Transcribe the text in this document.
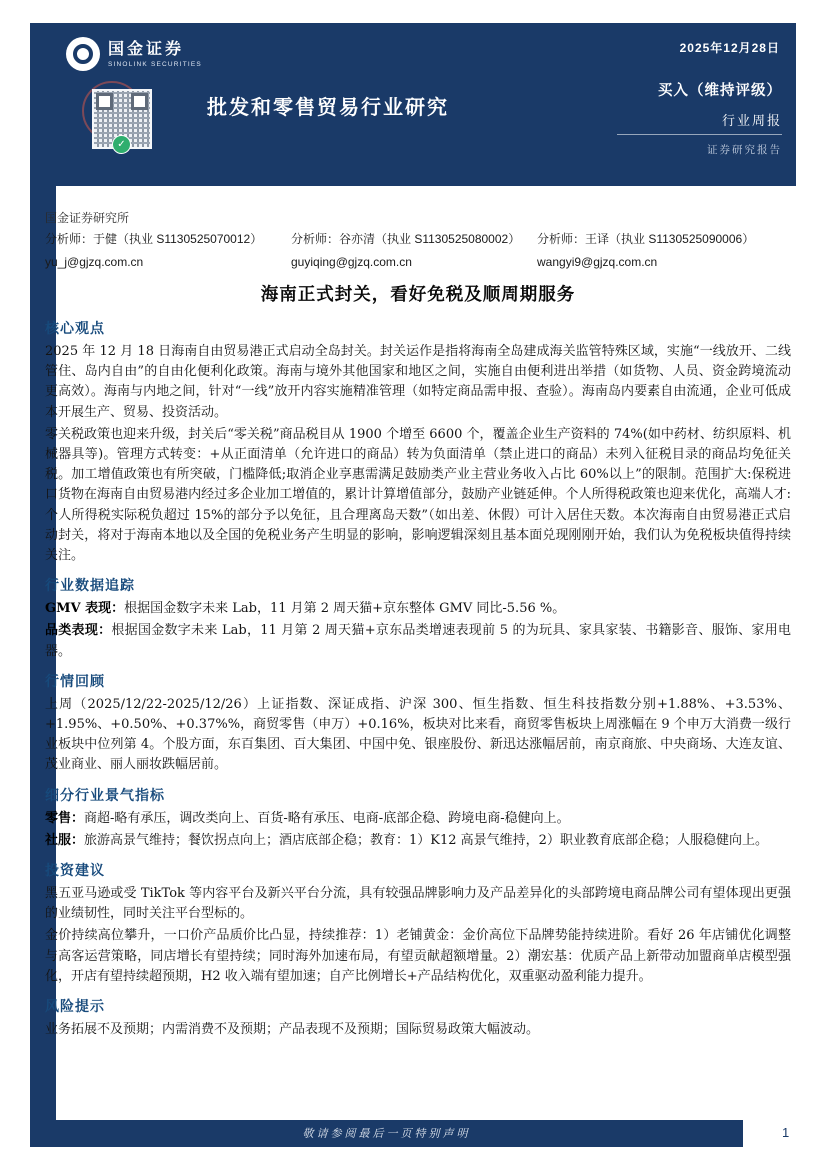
国金证券
SINOLINK SECURITIES
2025年12月28日
✓
批发和零售贸易行业研究
买入（维持评级）
行业周报
证券研究报告
国金证券研究所
分析师：于健（执业 S1130525070012）
yu_j@gjzq.com.cn
分析师：谷亦清（执业 S1130525080002）
guyiqing@gjzq.com.cn
分析师：王译（执业 S1130525090006）
wangyi9@gjzq.com.cn
海南正式封关，看好免税及顺周期服务
核心观点

2025 年 12 月 18 日海南自由贸易港正式启动全岛封关。封关运作是指将海南全岛建成海关监管特殊区域，实施“一线放开、二线管住、岛内自由”的自由化便利化政策。海南与境外其他国家和地区之间，实施自由便利进出举措（如货物、人员、资金跨境流动更高效）。海南与内地之间，针对“一线”放开内容实施精准管理（如特定商品需申报、查验）。海南岛内要素自由流通，企业可低成本开展生产、贸易、投资活动。

零关税政策也迎来升级，封关后“零关税”商品税目从 1900 个增至 6600 个，覆盖企业生产资料的 74%(如中药材、纺织原料、机械器具等)。管理方式转变：+从正面清单（允许进口的商品）转为负面清单（禁止进口的商品）未列入征税目录的商品均免征关税。加工增值政策也有所突破，门槛降低;取消企业享惠需满足鼓励类产业主营业务收入占比 60%以上”的限制。范围扩大:保税进口货物在海南自由贸易港内经过多企业加工增值的，累计计算增值部分，鼓励产业链延伸。个人所得税政策也迎来优化，高端人才:个人所得税实际税负超过 15%的部分予以免征，且合理离岛天数”（如出差、休假）可计入居住天数。本次海南自由贸易港正式启动封关，将对于海南本地以及全国的免税业务产生明显的影响，影响逻辑深刻且基本面兑现刚刚开始，我们认为免税板块值得持续关注。

行业数据追踪

GMV 表现：根据国金数字未来 Lab，11 月第 2 周天猫+京东整体 GMV 同比-5.56 %。

品类表现：根据国金数字未来 Lab，11 月第 2 周天猫+京东品类增速表现前 5 的为玩具、家具家装、书籍影音、服饰、家用电器。

行情回顾

上周（2025/12/22-2025/12/26）上证指数、深证成指、沪深 300、恒生指数、恒生科技指数分别+1.88%、+3.53%、+1.95%、+0.50%、+0.37%%，商贸零售（申万）+0.16%，板块对比来看，商贸零售板块上周涨幅在 9 个申万大消费一级行业板块中位列第 4。个股方面，东百集团、百大集团、中国中免、银座股份、新迅达涨幅居前，南京商旅、中央商场、大连友谊、茂业商业、丽人丽妆跌幅居前。

细分行业景气指标

零售：商超-略有承压，调改类向上、百货-略有承压、电商-底部企稳、跨境电商-稳健向上。

社服：旅游高景气维持；餐饮拐点向上；酒店底部企稳；教育：1）K12 高景气维持，2）职业教育底部企稳；人服稳健向上。

投资建议

黑五亚马逊或受 TikTok 等内容平台及新兴平台分流，具有较强品牌影响力及产品差异化的头部跨境电商品牌公司有望体现出更强的业绩韧性，同时关注平台型标的。

金价持续高位攀升，一口价产品质价比凸显，持续推荐：1）老铺黄金：金价高位下品牌势能持续进阶。看好 26 年店铺优化调整与高客运营策略，同店增长有望持续；同时海外加速布局，有望贡献超额增量。2）潮宏基：优质产品上新带动加盟商单店模型强化，开店有望持续超预期，H2 收入端有望加速；自产比例增长+产品结构优化，双重驱动盈利能力提升。

风险提示

业务拓展不及预期；内需消费不及预期；产品表现不及预期；国际贸易政策大幅波动。

敬请参阅最后一页特别声明	1
